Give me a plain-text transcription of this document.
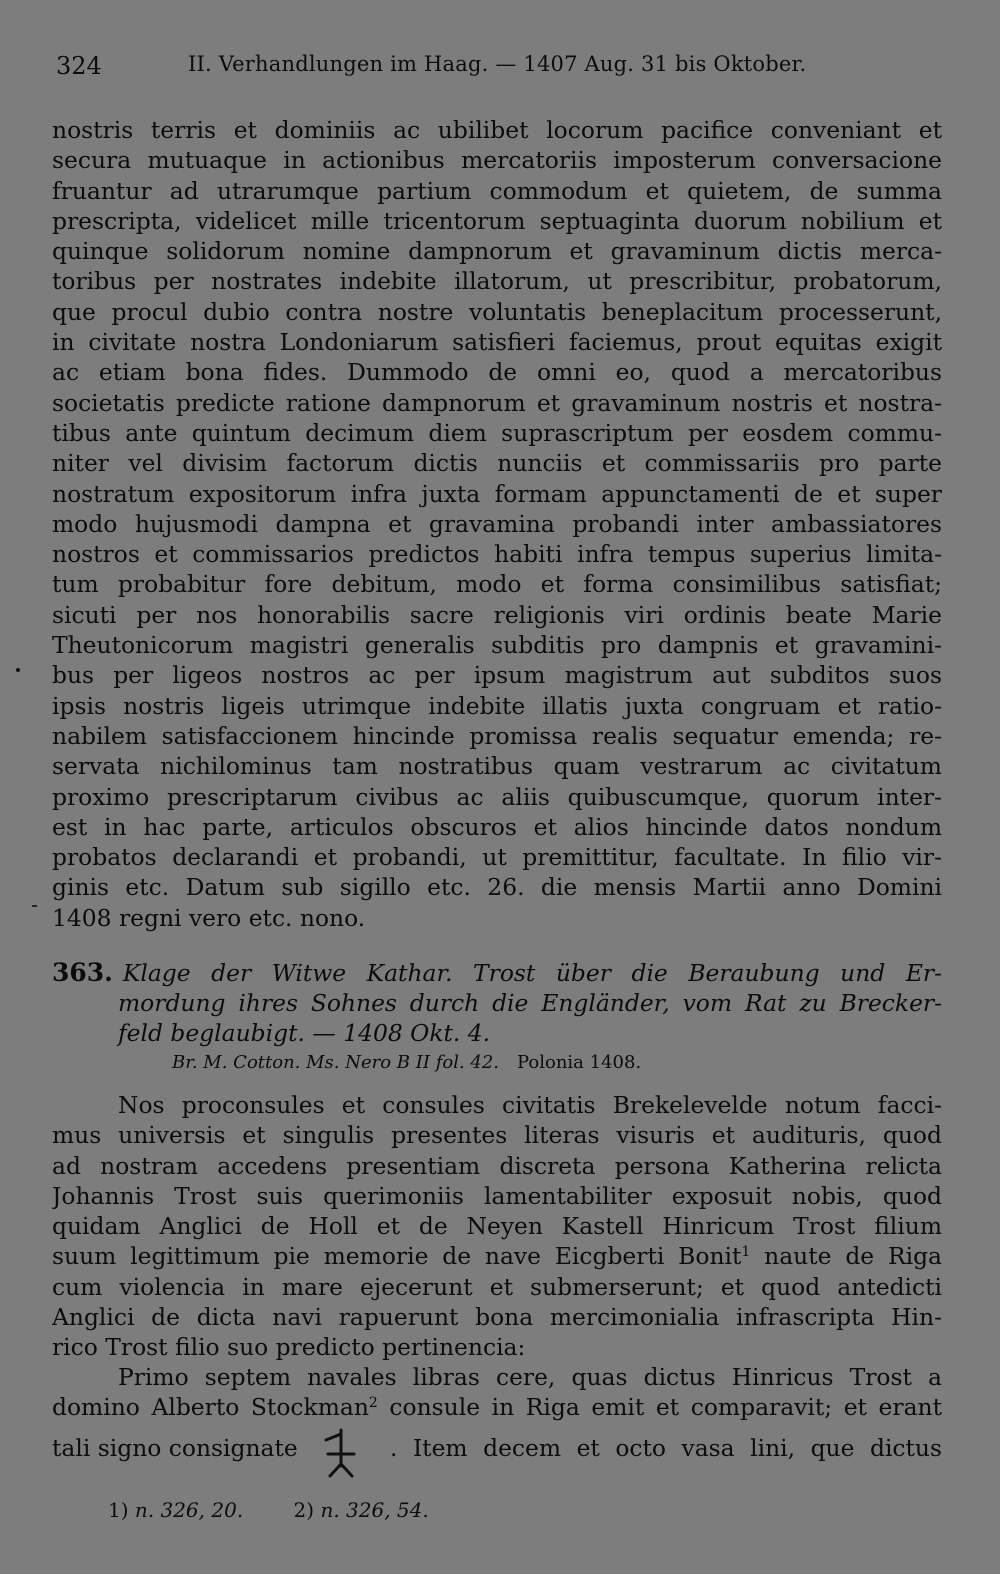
324	II. Verhandlungen im Haag. — 1407 Aug. 31 bis Oktober.
nostris terris et dominiis ac ubilibet locorum pacifice conveniant et
secura mutuaque in actionibus mercatoriis imposterum conversacione
fruantur ad utrarumque partium commodum et quietem, de summa
prescripta, videlicet mille tricentorum septuaginta duorum nobilium et
quinque solidorum nomine dampnorum et gravaminum dictis merca-
toribus per nostrates indebite illatorum, ut prescribitur, probatorum,
que procul dubio contra nostre voluntatis beneplacitum processerunt,
in civitate nostra Londoniarum satisfieri faciemus, prout equitas exigit
ac etiam bona fides. Dummodo de omni eo, quod a mercatoribus
societatis predicte ratione dampnorum et gravaminum nostris et nostra-
tibus ante quintum decimum diem suprascriptum per eosdem commu-
niter vel divisim factorum dictis nunciis et commissariis pro parte
nostratum expositorum infra juxta formam appunctamenti de et super
modo hujusmodi dampna et gravamina probandi inter ambassiatores
nostros et commissarios predictos habiti infra tempus superius limita-
tum probabitur fore debitum, modo et forma consimilibus satisfiat;
sicuti per nos honorabilis sacre religionis viri ordinis beate Marie
Theutonicorum magistri generalis subditis pro dampnis et gravamini-
bus per ligeos nostros ac per ipsum magistrum aut subditos suos
ipsis nostris ligeis utrimque indebite illatis juxta congruam et ratio-
nabilem satisfaccionem hincinde promissa realis sequatur emenda; re-
servata nichilominus tam nostratibus quam vestrarum ac civitatum
proximo prescriptarum civibus ac aliis quibuscumque, quorum inter-
est in hac parte, articulos obscuros et alios hincinde datos nondum
probatos declarandi et probandi, ut premittitur, facultate. In filio vir-
ginis etc. Datum sub sigillo etc. 26. die mensis Martii anno Domini
1408 regni vero etc. nono.
363. Klage der Witwe Kathar. Trost über die Beraubung und Er-
mordung ihres Sohnes durch die Engländer, vom Rat zu Brecker-
feld beglaubigt. — 1408 Okt. 4.
Br. M. Cotton. Ms. Nero B II fol. 42. Polonia 1408.
Nos proconsules et consules civitatis Brekelevelde notum facci-
mus universis et singulis presentes literas visuris et audituris, quod
ad nostram accedens presentiam discreta persona Katherina relicta
Johannis Trost suis querimoniis lamentabiliter exposuit nobis, quod
quidam Anglici de Holl et de Neyen Kastell Hinricum Trost filium
suum legittimum pie memorie de nave Eicgberti Bonit$^1$ naute de Riga
cum violencia in mare ejecerunt et submerserunt; et quod antedicti
Anglici de dicta navi rapuerunt bona mercimonialia infrascripta Hin-
rico Trost filio suo predicto pertinencia:
Primo septem navales libras cere, quas dictus Hinricus Trost a
domino Alberto Stockman$^2$ consule in Riga emit et comparavit; et erant
tali signo consignate	. Item decem et octo vasa lini, que dictus
1) n. 326, 20.	2) n. 326, 54.
